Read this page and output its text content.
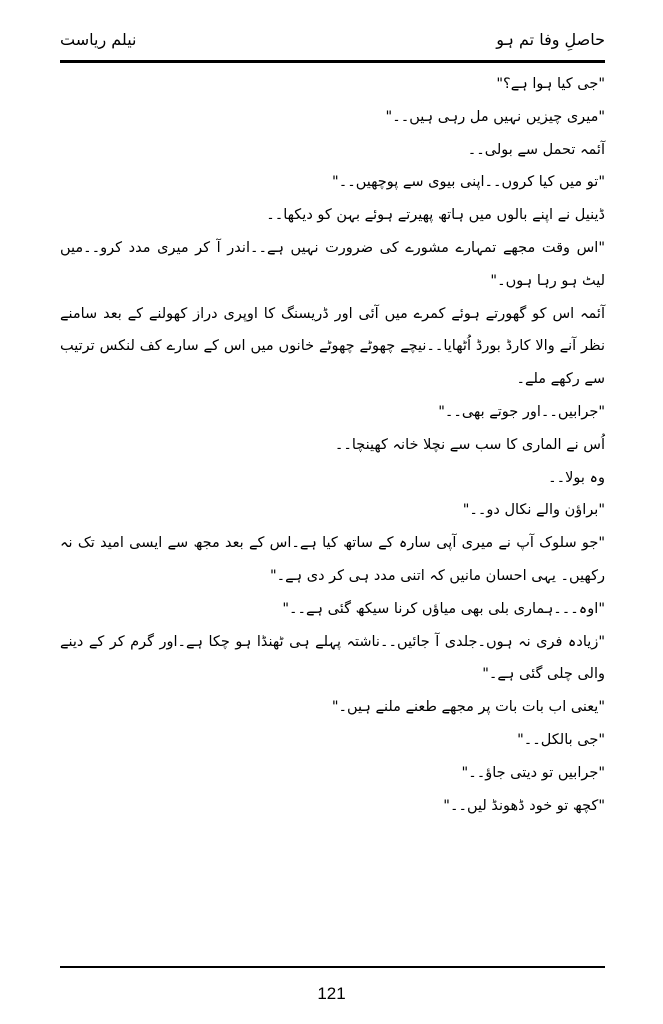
نیلم ریاست	حاصلِ وفا تم ہو

"جی کیا ہوا ہے؟"

"میری چیزیں نہیں مل رہی ہیں۔۔"

آئمہ تحمل سے بولی۔۔

"تو میں کیا کروں۔۔اپنی بیوی سے پوچھیں۔۔"

ڈینیل نے اپنے بالوں میں ہاتھ پھیرتے ہوئے بہن کو دیکھا۔۔

"اس وقت مجھے تمہارے مشورے کی ضرورت نہیں ہے۔۔اندر آ کر میری مدد کرو۔۔میں لیٹ ہو رہا ہوں۔"

آئمہ اس کو گھورتے ہوئے کمرے میں آئی اور ڈریسنگ کا اوپری دراز کھولنے کے بعد سامنے نظر آنے والا کارڈ بورڈ اُٹھایا۔۔نیچے چھوٹے چھوٹے خانوں میں اس کے سارے کف لنکس ترتیب سے رکھے ملے۔

"جرابیں۔۔اور جوتے بھی۔۔"

اُس نے الماری کا سب سے نچلا خانہ کھینچا۔۔

وہ بولا۔۔

"براؤن والے نکال دو۔۔"

"جو سلوک آپ نے میری آپی سارہ کے ساتھ کیا ہے۔اس کے بعد مجھ سے ایسی امید تک نہ رکھیں۔ یہی احسان مانیں کہ اتنی مدد ہی کر دی ہے۔"

"اوہ۔۔۔ہماری بلی بھی میاؤں کرنا سیکھ گئی ہے۔۔"

"زیادہ فری نہ ہوں۔جلدی آ جائیں۔۔ناشتہ پہلے ہی ٹھنڈا ہو چکا ہے۔اور گرم کر کے دینے والی چلی گئی ہے۔"

"یعنی اب بات بات پر مجھے طعنے ملنے ہیں۔"

"جی بالکل۔۔"

"جرابیں تو دیتی جاؤ۔۔"

"کچھ تو خود ڈھونڈ لیں۔۔"

121
